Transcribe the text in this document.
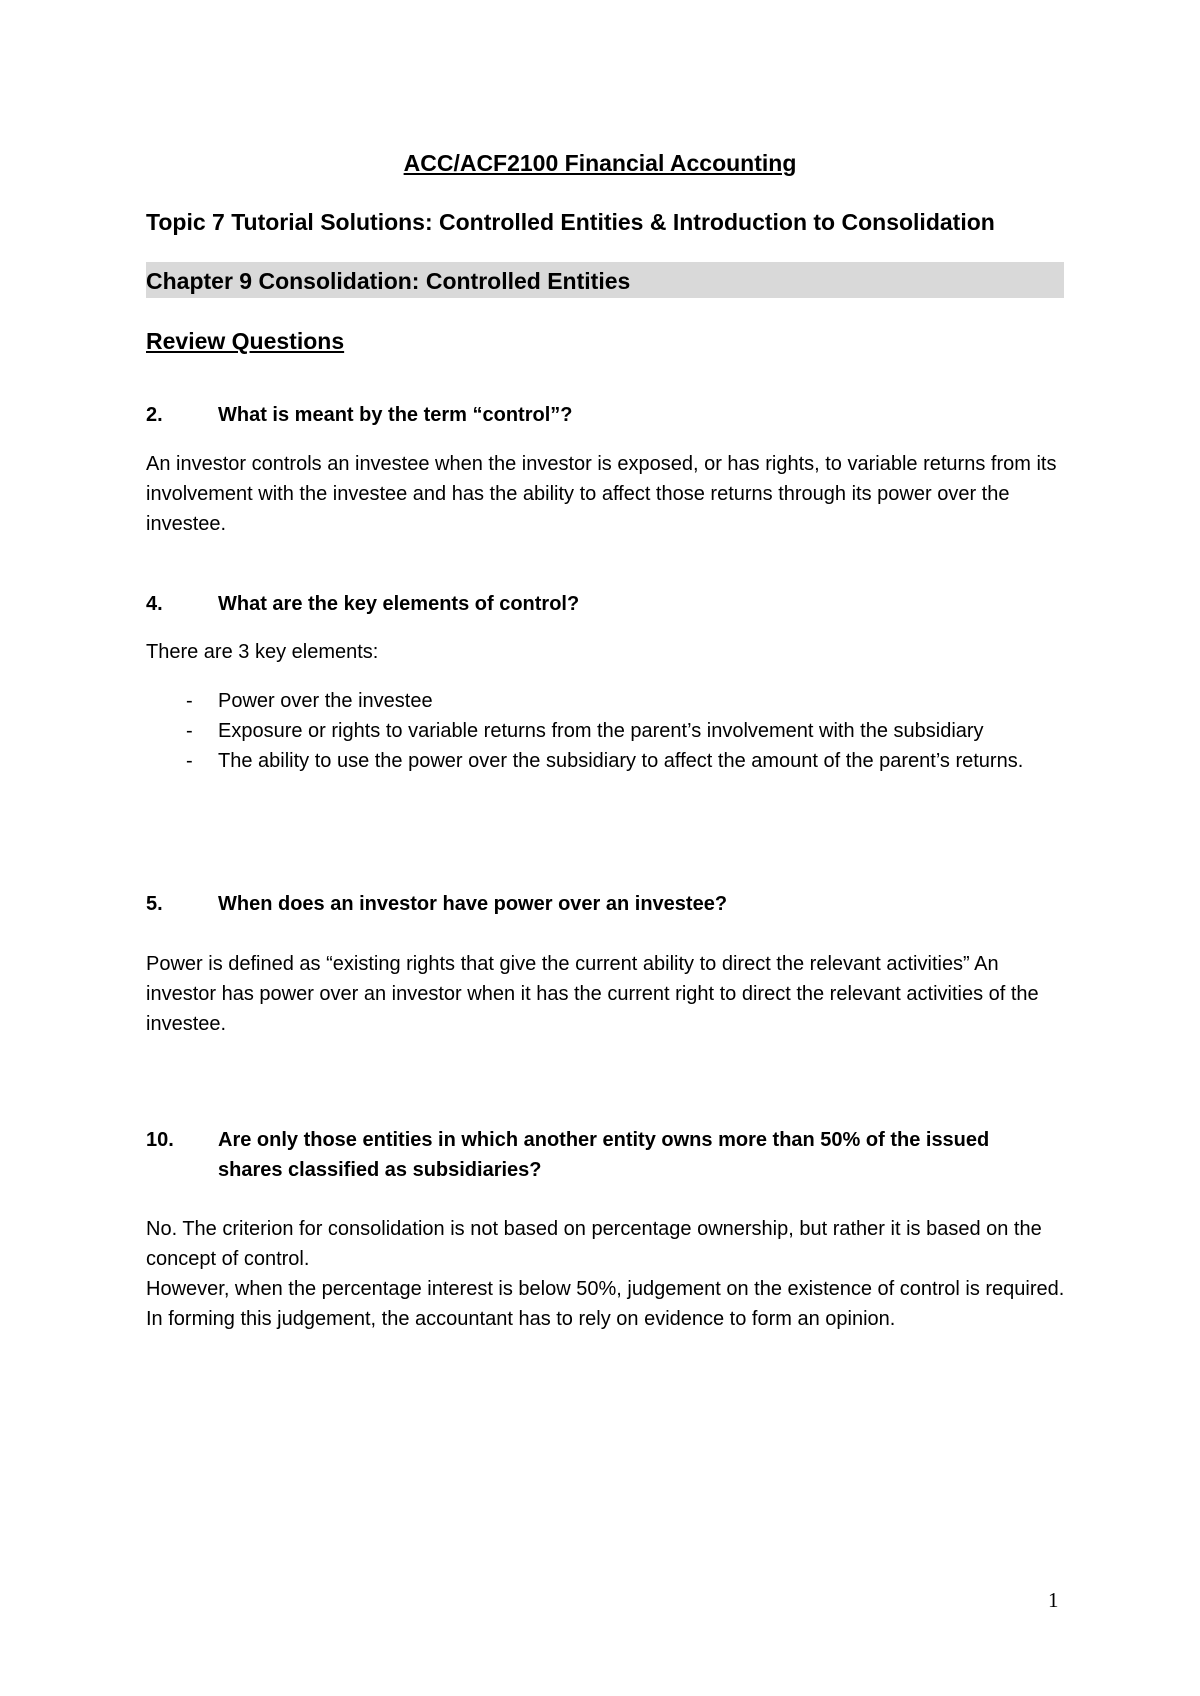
ACC/ACF2100 Financial Accounting
Topic 7 Tutorial Solutions: Controlled Entities & Introduction to Consolidation
Chapter 9 Consolidation: Controlled Entities
Review Questions
2.	What is meant by the term “control”?
An investor controls an investee when the investor is exposed, or has rights, to variable returns from its involvement with the investee and has the ability to affect those returns through its power over the investee.
4.	What are the key elements of control?
There are 3 key elements:
- Power over the investee
- Exposure or rights to variable returns from the parent’s involvement with the subsidiary
- The ability to use the power over the subsidiary to affect the amount of the parent’s returns.
5.	When does an investor have power over an investee?
Power is defined as “existing rights that give the current ability to direct the relevant activities” An investor has power over an investor when it has the current right to direct the relevant activities of the investee.
10. Are only those entities in which another entity owns more than 50% of the issued shares classified as subsidiaries?
No. The criterion for consolidation is not based on percentage ownership, but rather it is based on the concept of control.
However, when the percentage interest is below 50%, judgement on the existence of control is required. In forming this judgement, the accountant has to rely on evidence to form an opinion.
1
